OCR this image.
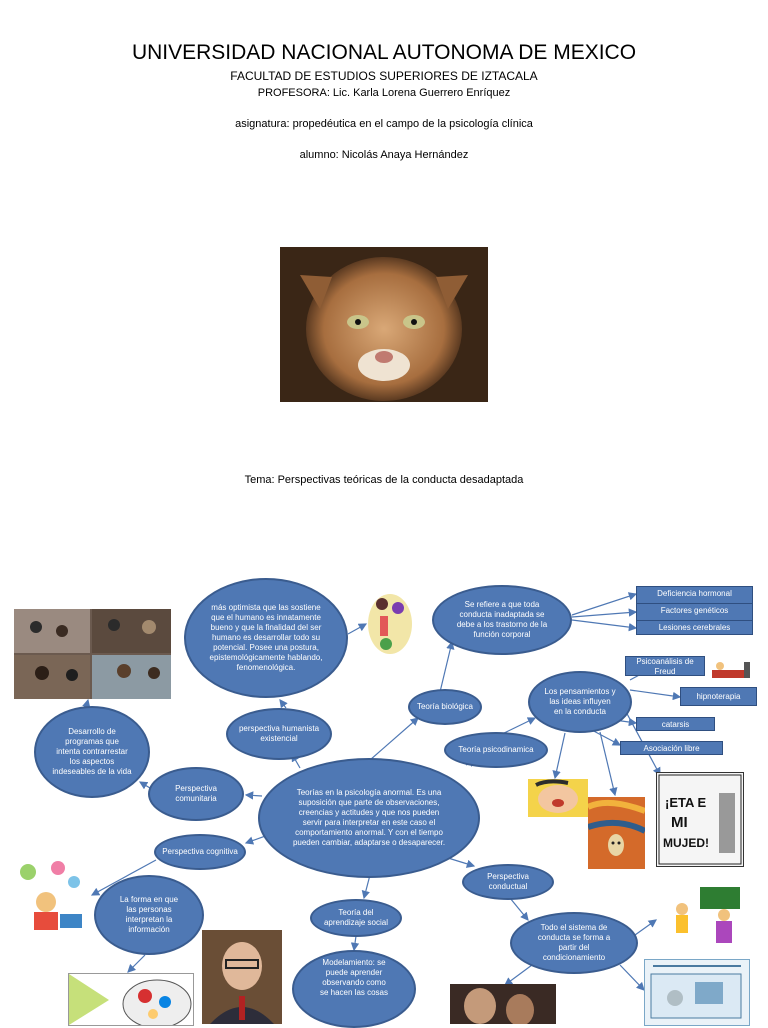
UNIVERSIDAD NACIONAL AUTONOMA DE MEXICO
FACULTAD DE ESTUDIOS SUPERIORES DE IZTACALA
PROFESORA: Lic. Karla Lorena Guerrero Enríquez
asignatura: propedéutica en el campo de la psicología clínica
alumno: Nicolás Anaya Hernández
Tema: Perspectivas teóricas de la conducta desadaptada
más optimista que las sostiene que el humano es innatamente bueno y que la finalidad del ser humano es desarrollar todo su potencial. Posee una postura, epistemológicamente hablando, fenomenológica.
perspectiva humanista existencial
Desarrollo de programas que intenta contrarrestar los aspectos indeseables de la vida
Perspectiva comunitaria
Teoría biológica
Se refiere a que toda conducta inadaptada se debe a los trastorno de la función corporal
Teoría psicodinamica
Los pensamientos y las ideas influyen en la conducta
Teorías en la psicología anormal. Es una suposición que parte de observaciones, creencias y actitudes y que nos pueden servir para interpretar en este caso el comportamiento anormal. Y con el tiempo pueden cambiar, adaptarse o desaparecer.
Perspectiva cognitiva
La forma en que las personas interpretan la información
Perspectiva conductual
Todo el sistema de conducta se forma a partir del condicionamiento
Teoría del aprendizaje social
Modelamiento: se puede aprender observando como se hacen las cosas
Deficiencia hormonal
Factores genéticos
Lesiones cerebrales
Psicoanálisis de Freud
hipnoterapia
catarsis
Asociación libre
¡ETA E
MI
MUJED!
